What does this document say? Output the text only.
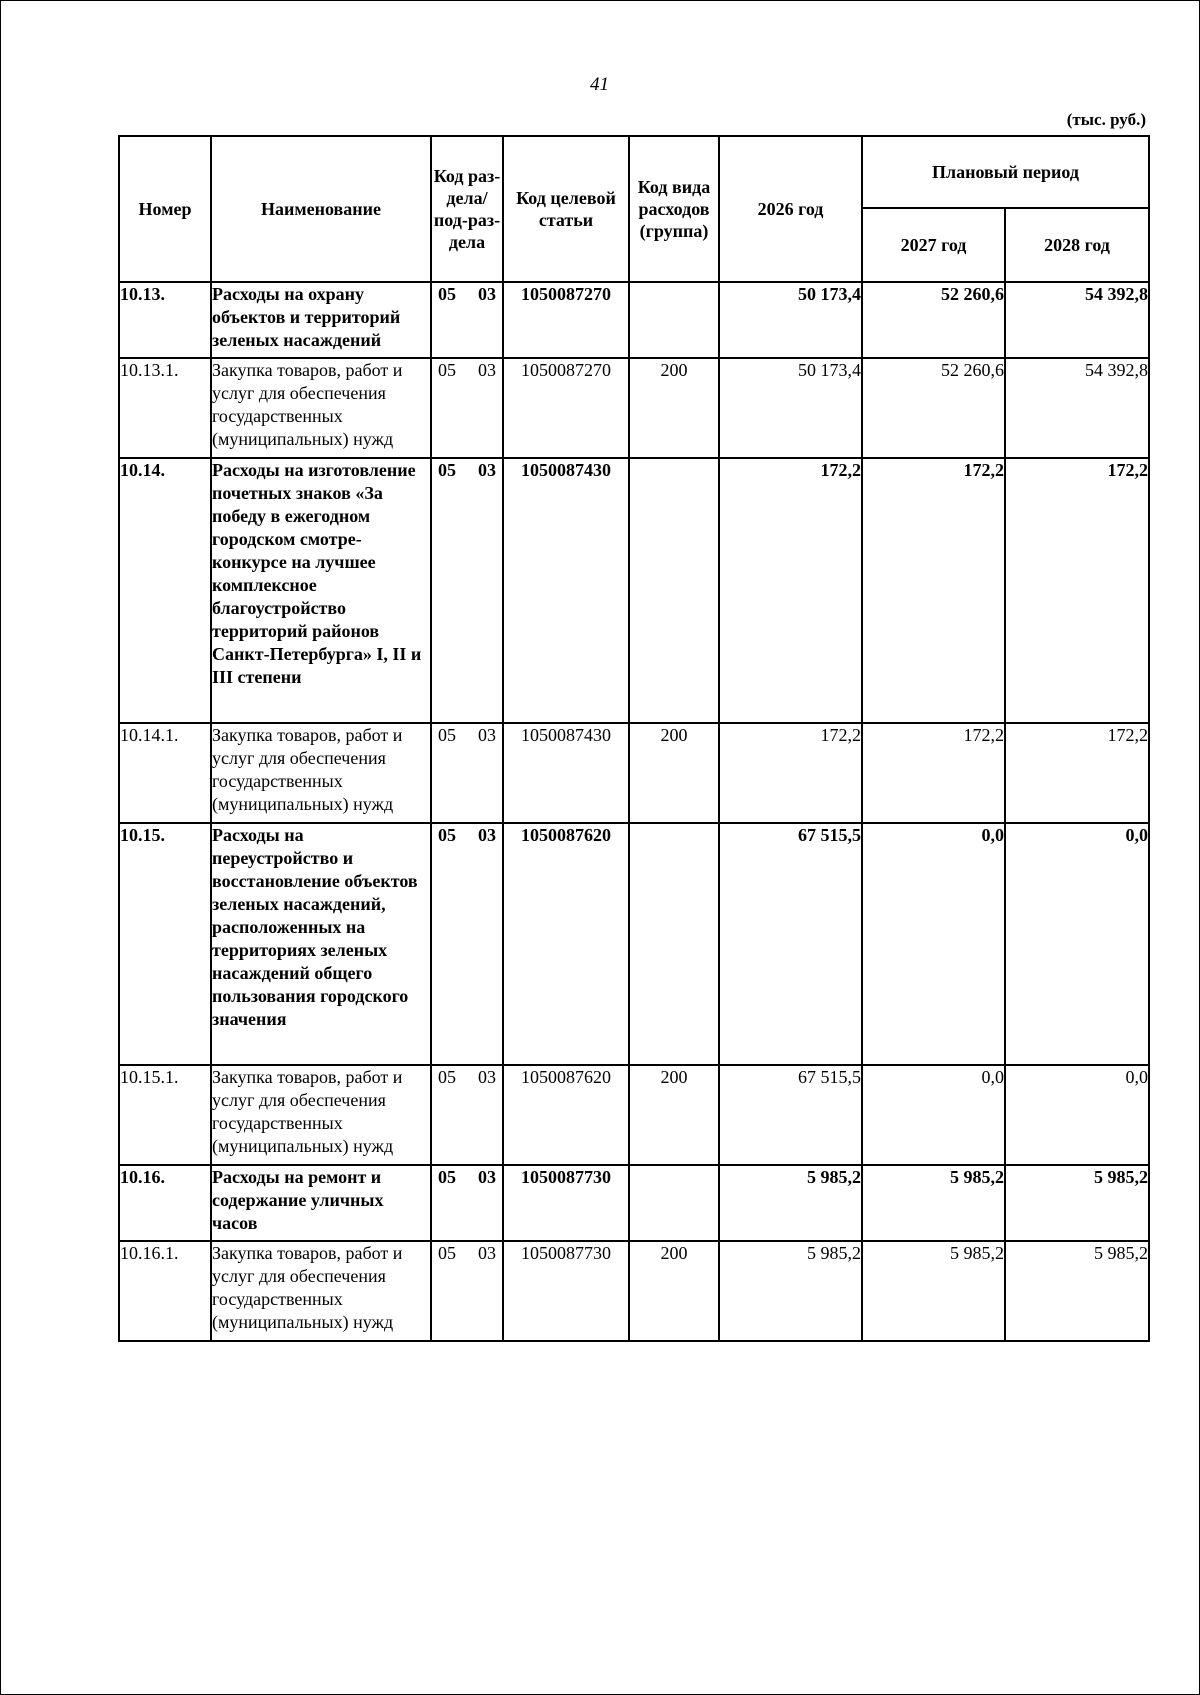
41
(тыс. руб.)
Номер	Наименование	Код раз-дела/ под-раз-дела	Код целевой статьи	Код вида расходов (группа)	2026 год	Плановый период	
						2027 год	2028 год
10.13.	Расходы на охрану объектов и территорий зеленых насаждений	05 03	1050087270		50 173,4	52 260,6	54 392,8
10.13.1.	Закупка товаров, работ и услуг для обеспечения государственных (муниципальных) нужд	05 03	1050087270	200	50 173,4	52 260,6	54 392,8
10.14.	Расходы на изготовление почетных знаков «За победу в ежегодном городском смотре-конкурсе на лучшее комплексное благоустройство территорий районов Санкт-Петербурга» I, II и III степени	05 03	1050087430		172,2	172,2	172,2
10.14.1.	Закупка товаров, работ и услуг для обеспечения государственных (муниципальных) нужд	05 03	1050087430	200	172,2	172,2	172,2
10.15.	Расходы на переустройство и восстановление объектов зеленых насаждений, расположенных на территориях зеленых насаждений общего пользования городского значения	05 03	1050087620		67 515,5	0,0	0,0
10.15.1.	Закупка товаров, работ и услуг для обеспечения государственных (муниципальных) нужд	05 03	1050087620	200	67 515,5	0,0	0,0
10.16.	Расходы на ремонт и содержание уличных часов	05 03	1050087730		5 985,2	5 985,2	5 985,2
10.16.1.	Закупка товаров, работ и услуг для обеспечения государственных (муниципальных) нужд	05 03	1050087730	200	5 985,2	5 985,2	5 985,2
